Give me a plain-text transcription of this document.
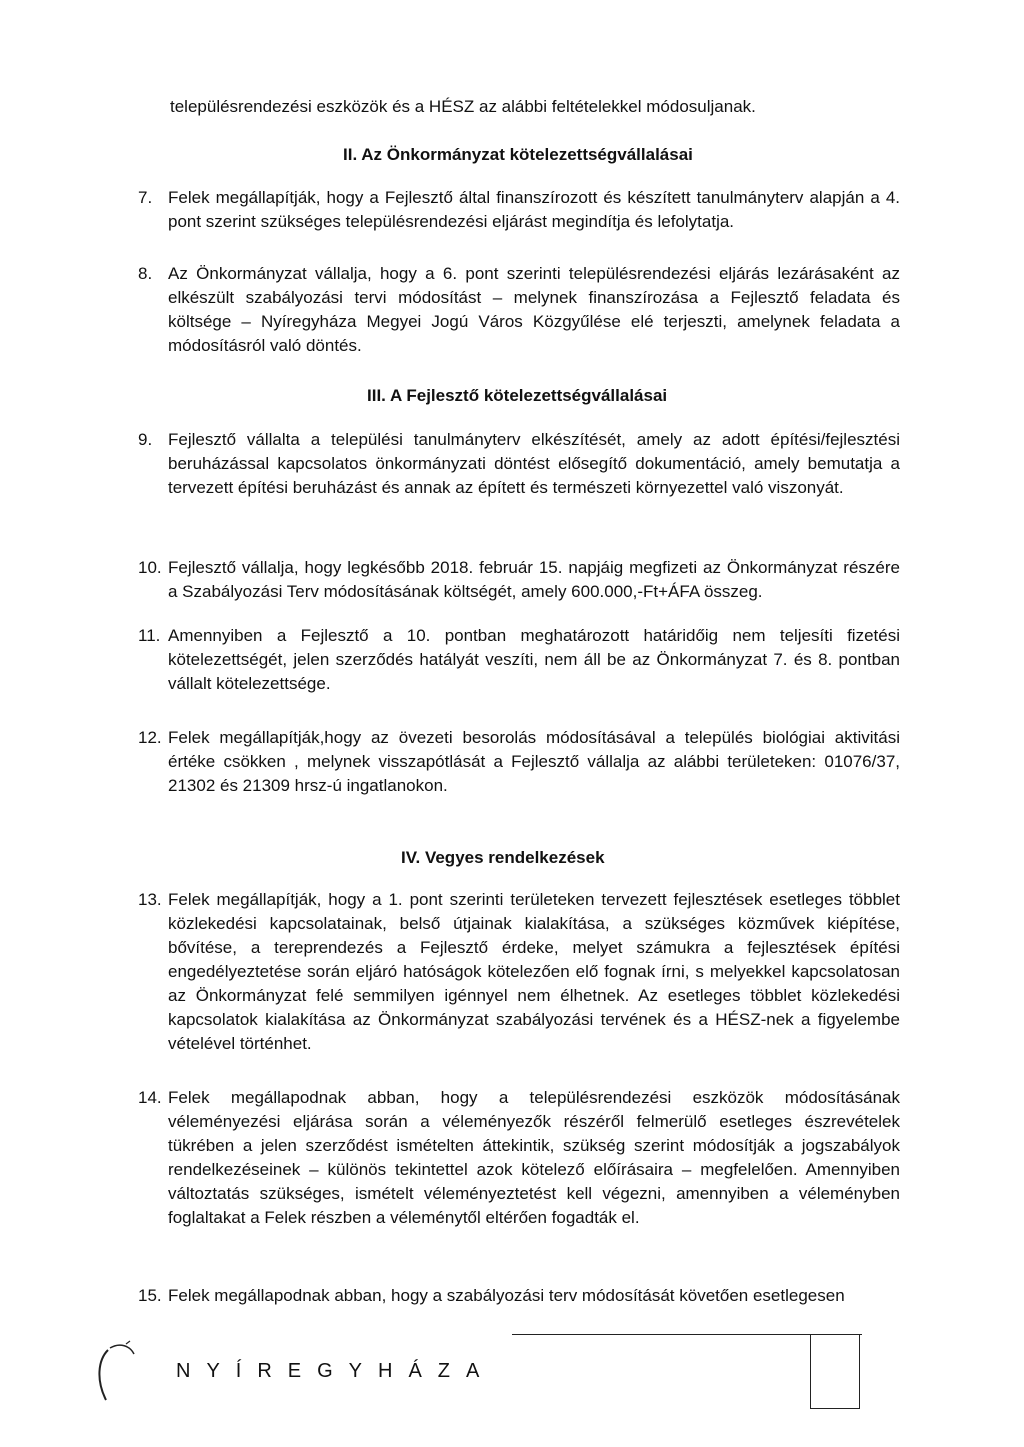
településrendezési eszközök és a HÉSZ az alábbi feltételekkel módosuljanak.
II. Az Önkormányzat kötelezettségvállalásai
7. Felek megállapítják, hogy a Fejlesztő által finanszírozott és készített tanulmányterv alapján a 4. pont szerint szükséges településrendezési eljárást megindítja és lefolytatja.
8. Az Önkormányzat vállalja, hogy a 6. pont szerinti településrendezési eljárás lezárásaként az elkészült szabályozási tervi módosítást – melynek finanszírozása a Fejlesztő feladata és költsége – Nyíregyháza Megyei Jogú Város Közgyűlése elé terjeszti, amelynek feladata a módosításról való döntés.
III. A Fejlesztő kötelezettségvállalásai
9. Fejlesztő vállalta a települési tanulmányterv elkészítését, amely az adott építési/fejlesztési beruházással kapcsolatos önkormányzati döntést elősegítő dokumentáció, amely bemutatja a tervezett építési beruházást és annak az épített és természeti környezettel való viszonyát.
10. Fejlesztő vállalja, hogy legkésőbb 2018. február 15. napjáig megfizeti az Önkormányzat részére a Szabályozási Terv módosításának költségét, amely 600.000,-Ft+ÁFA összeg.
11. Amennyiben a Fejlesztő a 10. pontban meghatározott határidőig nem teljesíti fizetési kötelezettségét, jelen szerződés hatályát veszíti, nem áll be az Önkormányzat 7. és 8. pontban vállalt kötelezettsége.
12. Felek megállapítják,hogy az övezeti besorolás módosításával a település biológiai aktivitási értéke csökken , melynek visszapótlását a Fejlesztő vállalja az alábbi területeken: 01076/37, 21302 és 21309 hrsz-ú ingatlanokon.
IV. Vegyes rendelkezések
13. Felek megállapítják, hogy a 1. pont szerinti területeken tervezett fejlesztések esetleges többlet közlekedési kapcsolatainak, belső útjainak kialakítása, a szükséges közművek kiépítése, bővítése, a tereprendezés a Fejlesztő érdeke, melyet számukra a fejlesztések építési engedélyeztetése során eljáró hatóságok kötelezően elő fognak írni, s melyekkel kapcsolatosan az Önkormányzat felé semmilyen igénnyel nem élhetnek. Az esetleges többlet közlekedési kapcsolatok kialakítása az Önkormányzat szabályozási tervének és a HÉSZ-nek a figyelembe vételével történhet.
14. Felek megállapodnak abban, hogy a településrendezési eszközök módosításának véleményezési eljárása során a véleményezők részéről felmerülő esetleges észrevételek tükrében a jelen szerződést ismételten áttekintik, szükség szerint módosítják a jogszabályok rendelkezéseinek – különös tekintettel azok kötelező előírásaira – megfelelően. Amennyiben változtatás szükséges, ismételt véleményeztetést kell végezni, amennyiben a véleményben foglaltakat a Felek részben a véleménytől eltérően fogadták el.
15. Felek megállapodnak abban, hogy a szabályozási terv módosítását követően esetlegesen
NYÍREGYHÁZA
